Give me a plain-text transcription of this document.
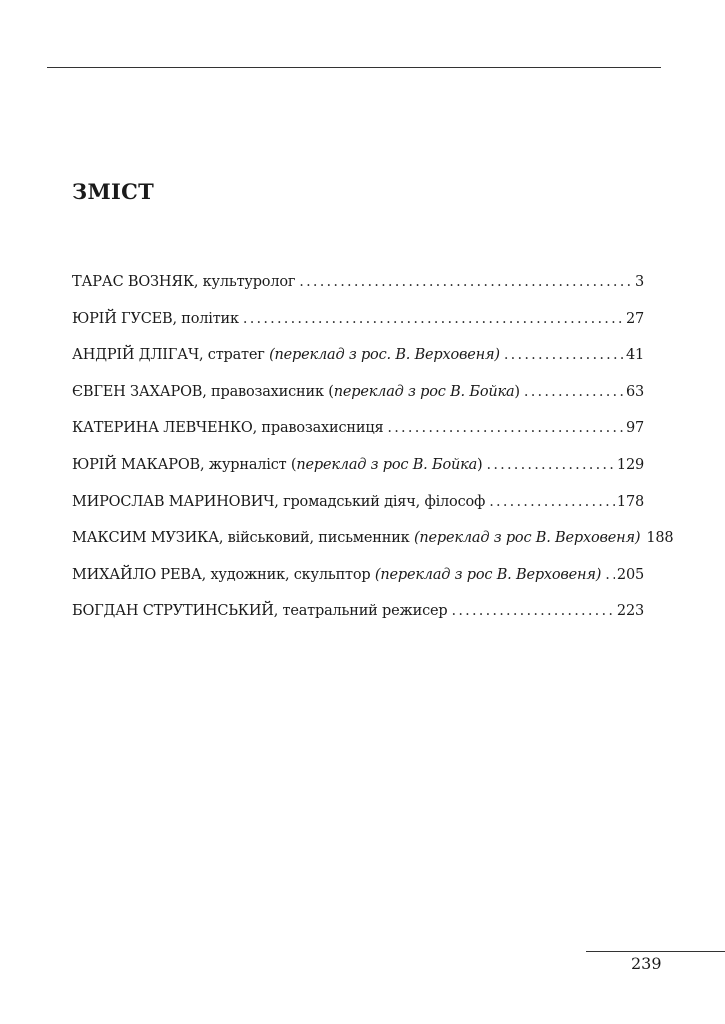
ЗМІСТ
ТАРАС ВОЗНЯК, культуролог . . .	3
ЮРІЙ ГУСЕВ, політик . . .	27
АНДРІЙ ДЛІГАЧ, стратег (переклад з рос. В. Верховеня) . . .	41
ЄВГЕН ЗАХАРОВ, правозахисник (переклад з рос В. Бойка) . . .	63
КАТЕРИНА ЛЕВЧЕНКО, правозахисниця . . .	97
ЮРІЙ МАКАРОВ, журналіст (переклад з рос В. Бойка) . . .	129
МИРОСЛАВ МАРИНОВИЧ, громадський діяч, філософ . . .	178
МАКСИМ МУЗИКА, військовий, письменник (переклад з рос В. Верховеня) 188
МИХАЙЛО РЕВА, художник, скульптор (переклад з рос В. Верховеня) . . . 205
БОГДАН СТРУТИНСЬКИЙ, театральний режисер . . .	223
239
